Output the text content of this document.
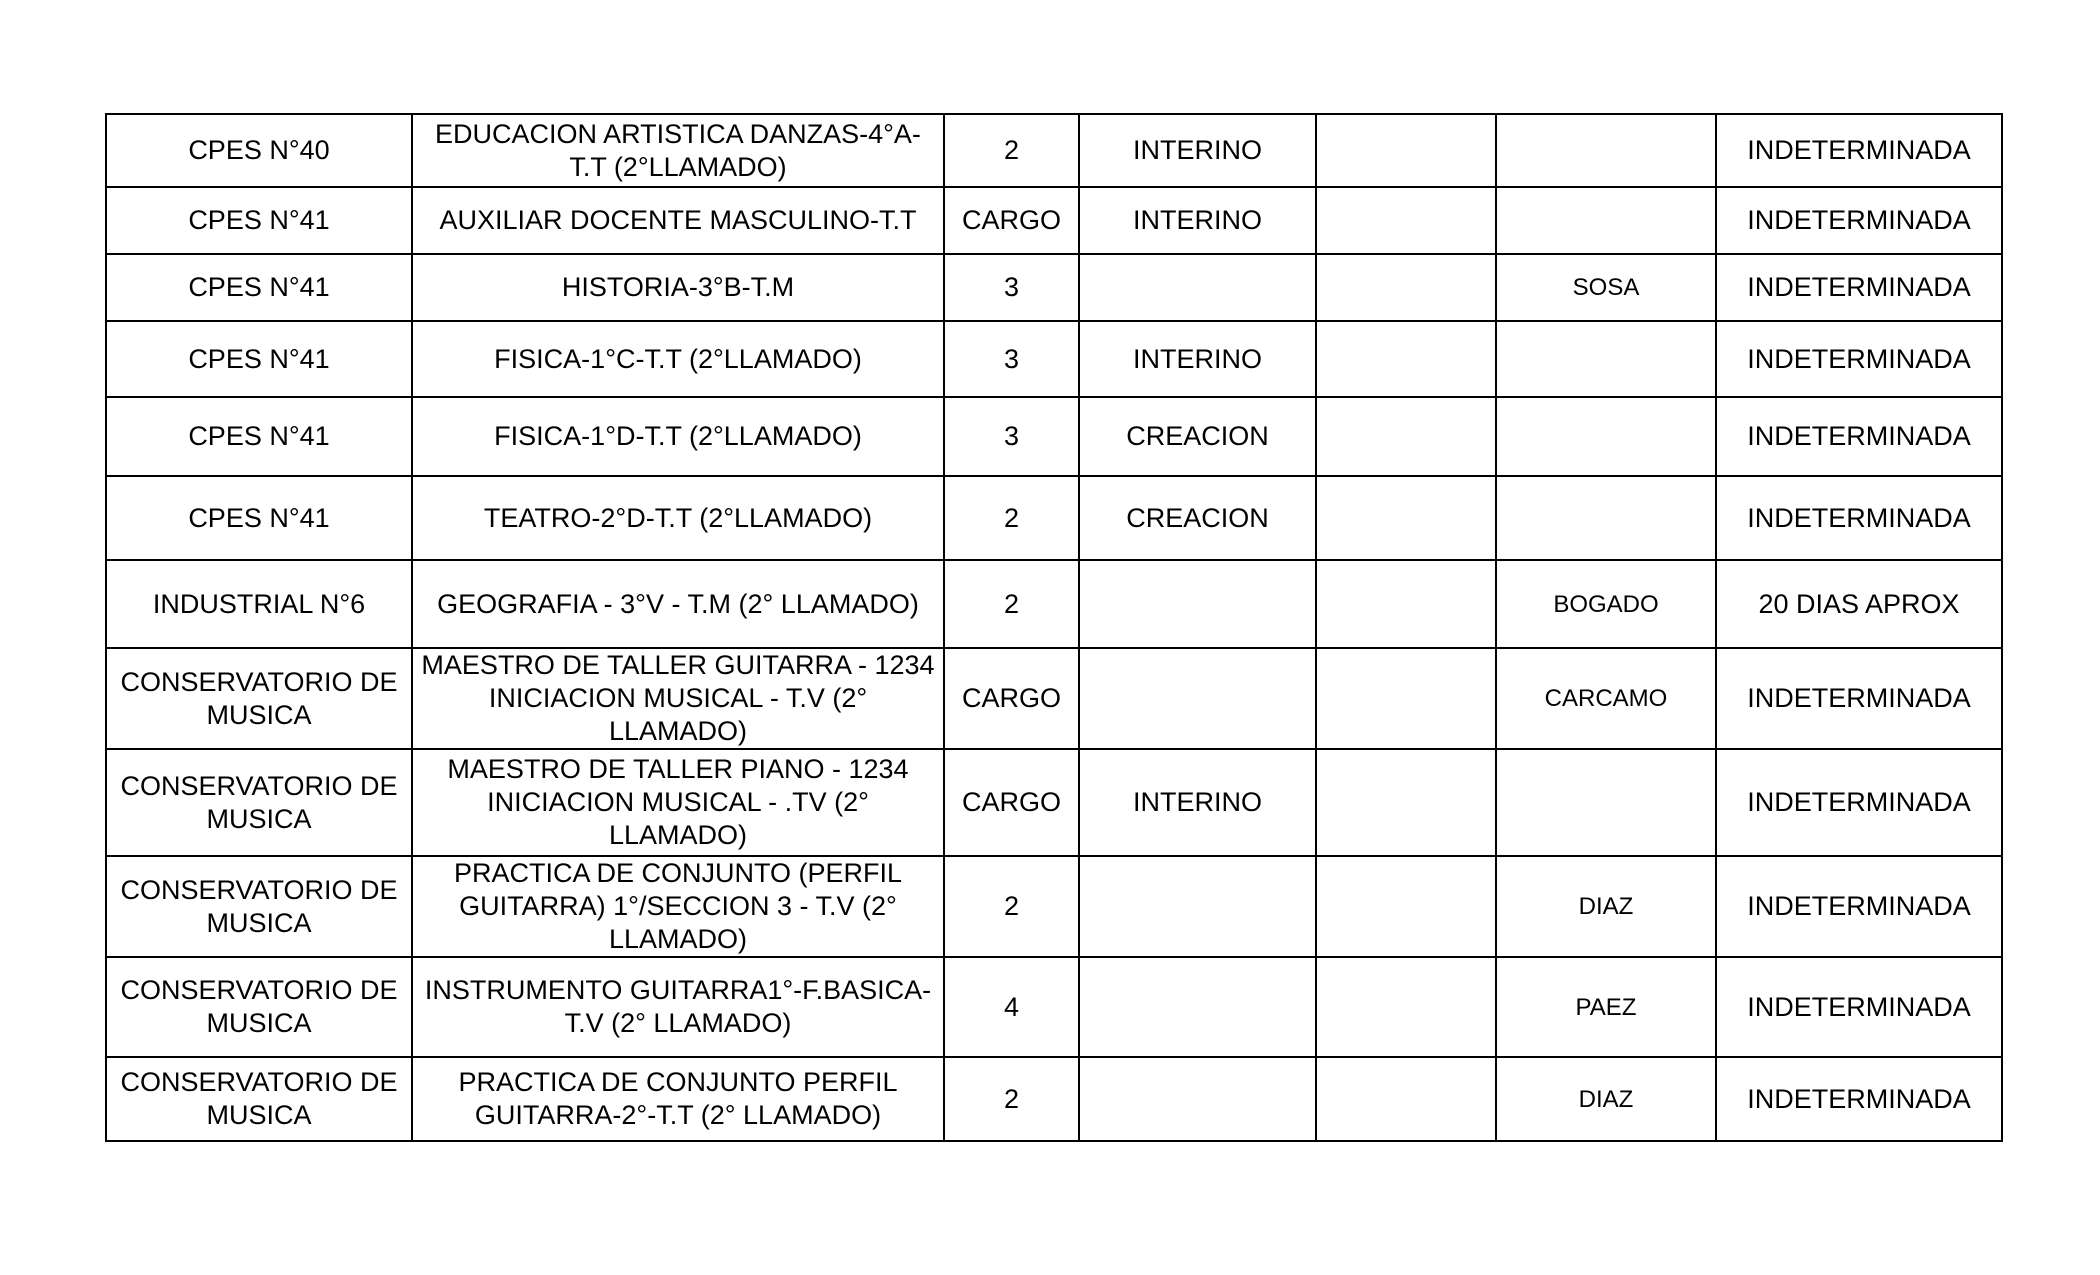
CPES N°40	EDUCACION ARTISTICA DANZAS-4°A-T.T (2°LLAMADO)	2	INTERINO			INDETERMINADA
CPES N°41	AUXILIAR DOCENTE MASCULINO-T.T	CARGO	INTERINO			INDETERMINADA
CPES N°41	HISTORIA-3°B-T.M	3			SOSA	INDETERMINADA
CPES N°41	FISICA-1°C-T.T (2°LLAMADO)	3	INTERINO			INDETERMINADA
CPES N°41	FISICA-1°D-T.T (2°LLAMADO)	3	CREACION			INDETERMINADA
CPES N°41	TEATRO-2°D-T.T (2°LLAMADO)	2	CREACION			INDETERMINADA
INDUSTRIAL N°6	GEOGRAFIA - 3°V - T.M (2° LLAMADO)	2			BOGADO	20 DIAS APROX
CONSERVATORIO DE MUSICA	MAESTRO DE TALLER GUITARRA - 1234 INICIACION MUSICAL - T.V (2° LLAMADO)	CARGO			CARCAMO	INDETERMINADA
CONSERVATORIO DE MUSICA	MAESTRO DE TALLER PIANO - 1234 INICIACION MUSICAL - .TV (2° LLAMADO)	CARGO	INTERINO			INDETERMINADA
CONSERVATORIO DE MUSICA	PRACTICA DE CONJUNTO (PERFIL GUITARRA) 1°/SECCION 3 - T.V (2° LLAMADO)	2			DIAZ	INDETERMINADA
CONSERVATORIO DE MUSICA	INSTRUMENTO GUITARRA1°-F.BASICA-T.V (2° LLAMADO)	4			PAEZ	INDETERMINADA
CONSERVATORIO DE MUSICA	PRACTICA DE CONJUNTO PERFIL GUITARRA-2°-T.T (2° LLAMADO)	2			DIAZ	INDETERMINADA
